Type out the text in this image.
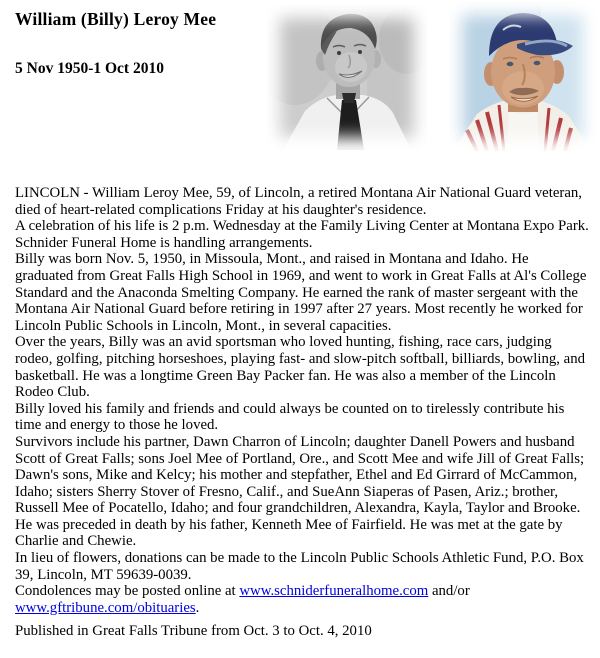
William (Billy) Leroy Mee
5 Nov 1950-1 Oct 2010

LINCOLN - William Leroy Mee, 59, of Lincoln, a retired Montana Air National Guard veteran, died of heart-related complications Friday at his daughter's residence.

A celebration of his life is 2 p.m. Wednesday at the Family Living Center at Montana Expo Park. Schnider Funeral Home is handling arrangements.

Billy was born Nov. 5, 1950, in Missoula, Mont., and raised in Montana and Idaho. He graduated from Great Falls High School in 1969, and went to work in Great Falls at Al's College Standard and the Anaconda Smelting Company. He earned the rank of master sergeant with the Montana Air National Guard before retiring in 1997 after 27 years. Most recently he worked for Lincoln Public Schools in Lincoln, Mont., in several capacities.

Over the years, Billy was an avid sportsman who loved hunting, fishing, race cars, judging rodeo, golfing, pitching horseshoes, playing fast- and slow-pitch softball, billiards, bowling, and basketball. He was a longtime Green Bay Packer fan. He was also a member of the Lincoln Rodeo Club.

Billy loved his family and friends and could always be counted on to tirelessly contribute his time and energy to those he loved.

Survivors include his partner, Dawn Charron of Lincoln; daughter Danell Powers and husband Scott of Great Falls; sons Joel Mee of Portland, Ore., and Scott Mee and wife Jill of Great Falls; Dawn's sons, Mike and Kelcy; his mother and stepfather, Ethel and Ed Girrard of McCammon, Idaho; sisters Sherry Stover of Fresno, Calif., and SueAnn Siaperas of Pasen, Ariz.; brother, Russell Mee of Pocatello, Idaho; and four grandchildren, Alexandra, Kayla, Taylor and Brooke. He was preceded in death by his father, Kenneth Mee of Fairfield. He was met at the gate by Charlie and Chewie.

In lieu of flowers, donations can be made to the Lincoln Public Schools Athletic Fund, P.O. Box 39, Lincoln, MT 59639-0039.

Condolences may be posted online at www.schniderfuneralhome.com and/or www.gftribune.com/obituaries.

Published in Great Falls Tribune from Oct. 3 to Oct. 4, 2010
